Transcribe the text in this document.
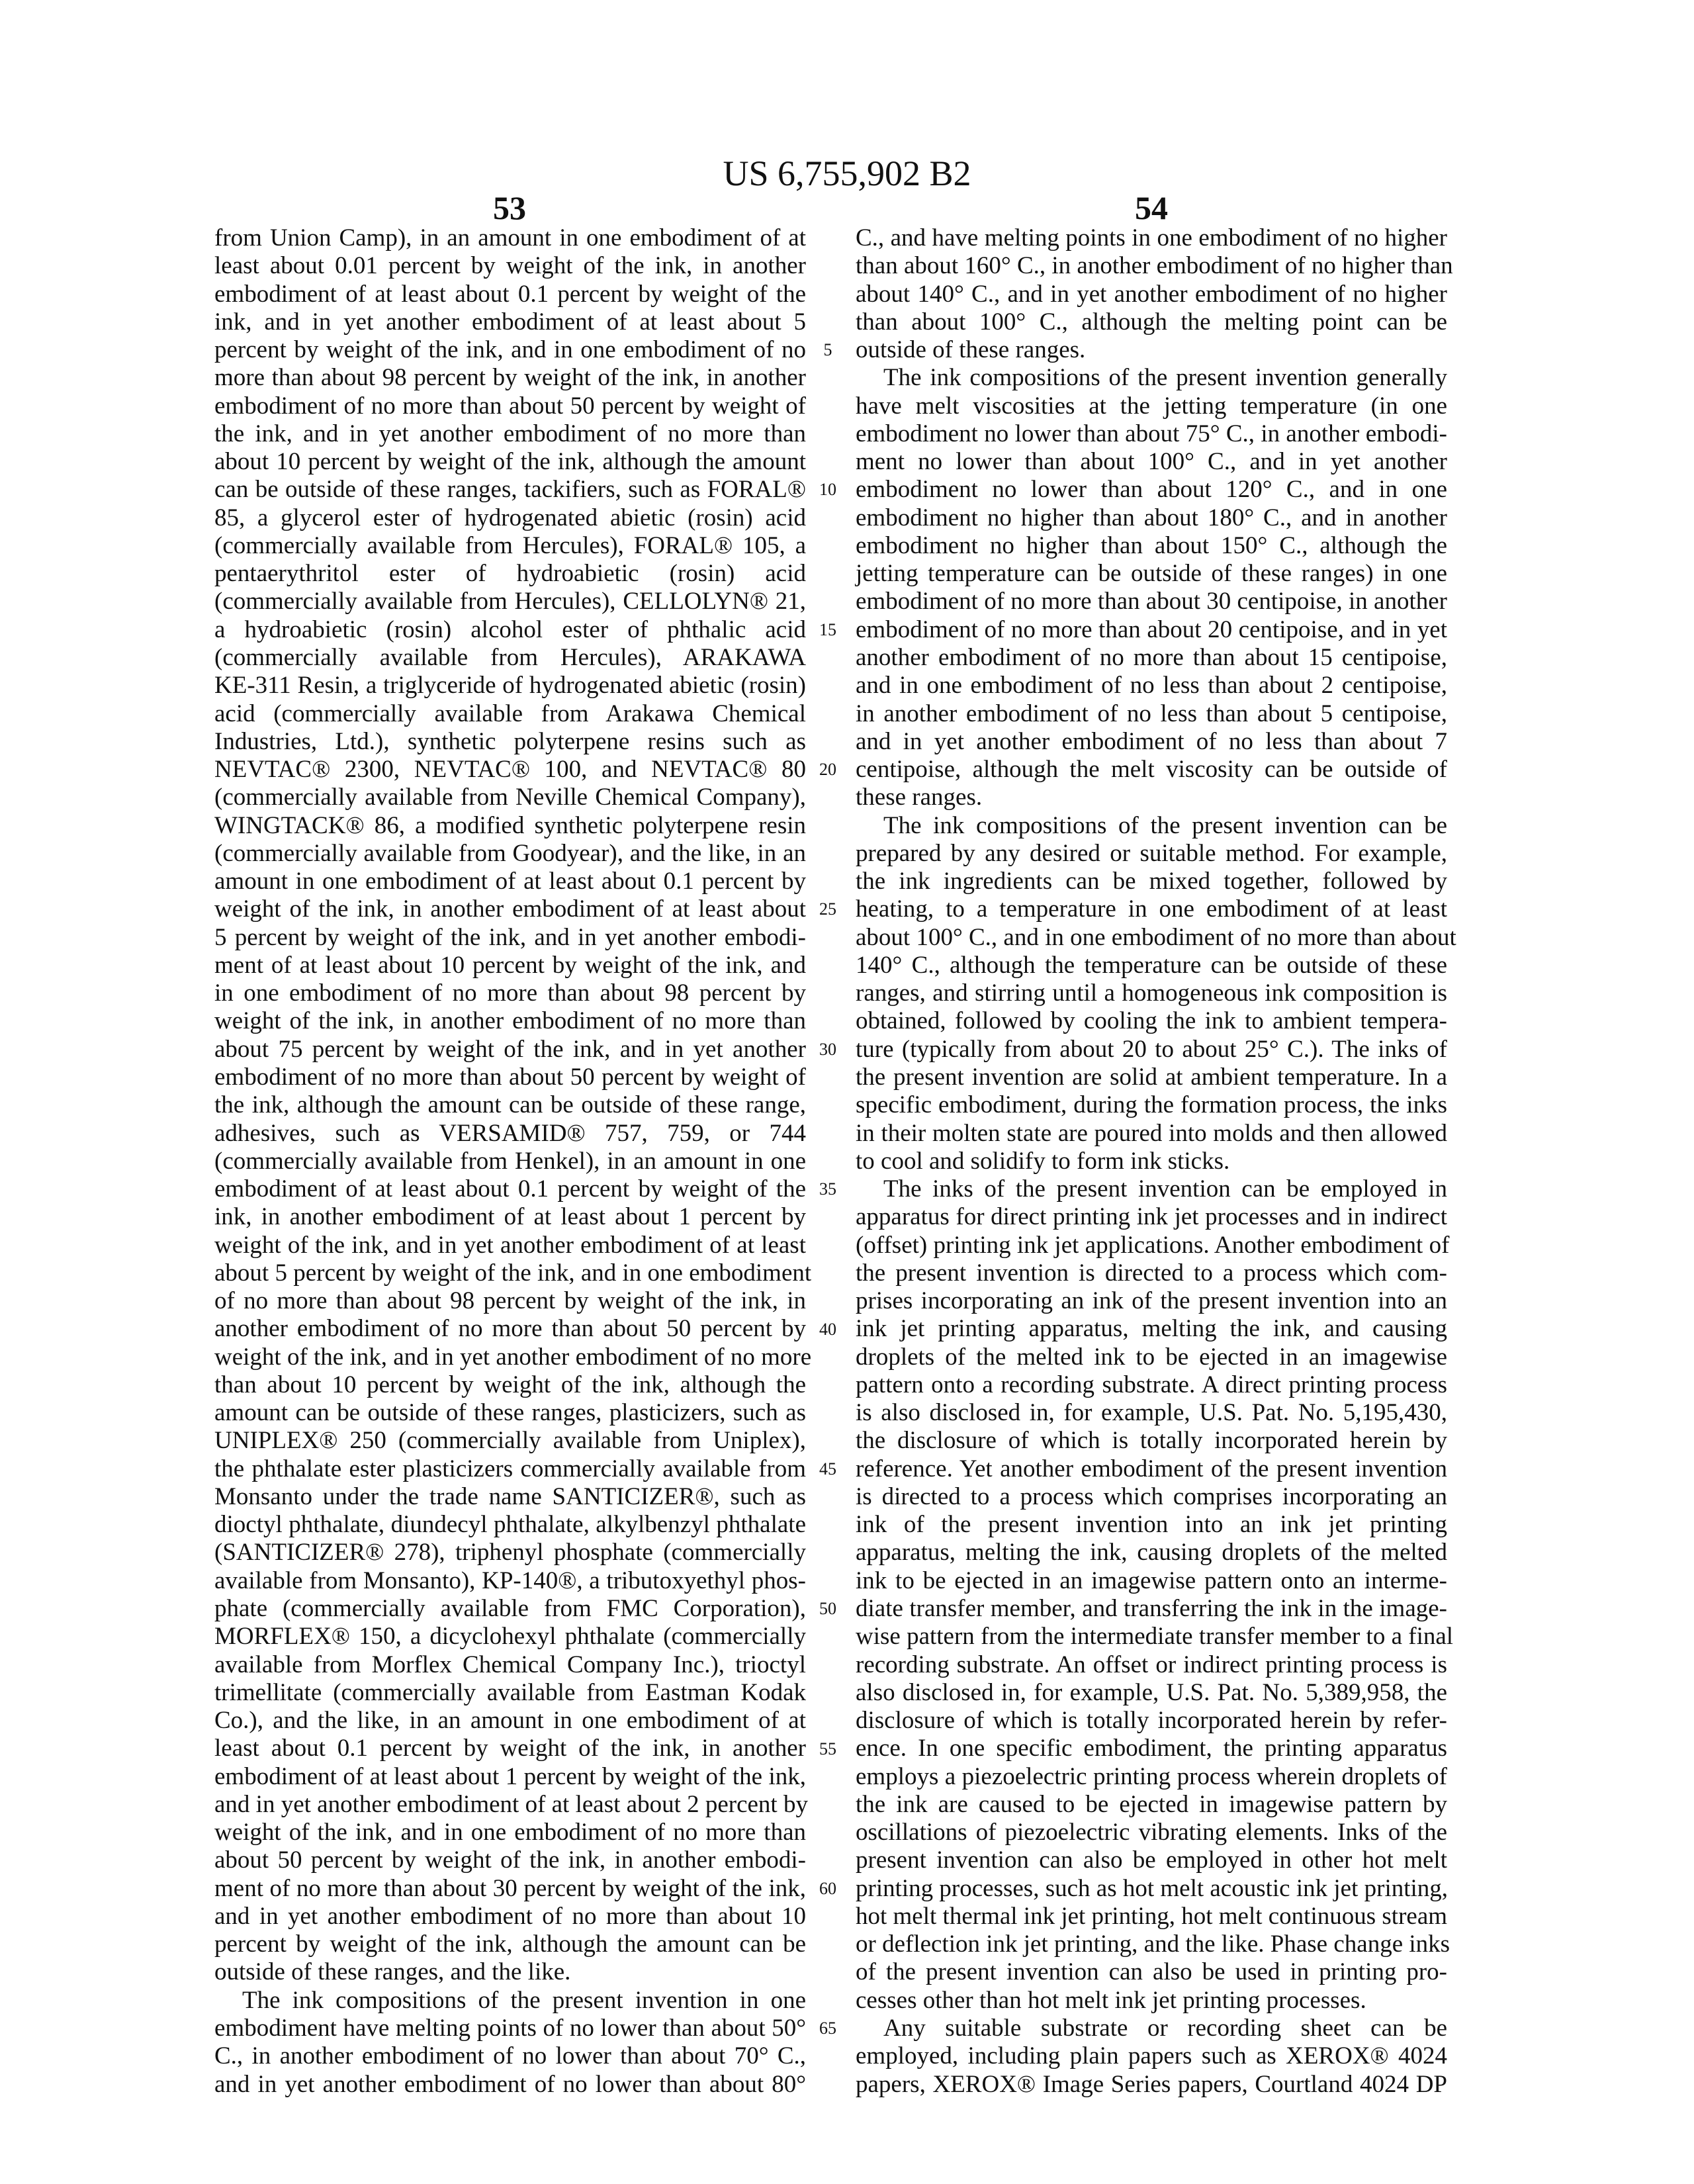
US 6,755,902 B2
53	54
from Union Camp), in an amount in one embodiment of at
least about 0.01 percent by weight of the ink, in another
embodiment of at least about 0.1 percent by weight of the
ink, and in yet another embodiment of at least about 5
percent by weight of the ink, and in one embodiment of no
more than about 98 percent by weight of the ink, in another
embodiment of no more than about 50 percent by weight of
the ink, and in yet another embodiment of no more than
about 10 percent by weight of the ink, although the amount
can be outside of these ranges, tackifiers, such as FORAL®
85, a glycerol ester of hydrogenated abietic (rosin) acid
(commercially available from Hercules), FORAL® 105, a
pentaerythritol ester of hydroabietic (rosin) acid
(commercially available from Hercules), CELLOLYN® 21,
a hydroabietic (rosin) alcohol ester of phthalic acid
(commercially available from Hercules), ARAKAWA
KE-311 Resin, a triglyceride of hydrogenated abietic (rosin)
acid (commercially available from Arakawa Chemical
Industries, Ltd.), synthetic polyterpene resins such as
NEVTAC® 2300, NEVTAC® 100, and NEVTAC® 80
(commercially available from Neville Chemical Company),
WINGTACK® 86, a modified synthetic polyterpene resin
(commercially available from Goodyear), and the like, in an
amount in one embodiment of at least about 0.1 percent by
weight of the ink, in another embodiment of at least about
5 percent by weight of the ink, and in yet another embodi-
ment of at least about 10 percent by weight of the ink, and
in one embodiment of no more than about 98 percent by
weight of the ink, in another embodiment of no more than
about 75 percent by weight of the ink, and in yet another
embodiment of no more than about 50 percent by weight of
the ink, although the amount can be outside of these range,
adhesives, such as VERSAMID® 757, 759, or 744
(commercially available from Henkel), in an amount in one
embodiment of at least about 0.1 percent by weight of the
ink, in another embodiment of at least about 1 percent by
weight of the ink, and in yet another embodiment of at least
about 5 percent by weight of the ink, and in one embodiment
of no more than about 98 percent by weight of the ink, in
another embodiment of no more than about 50 percent by
weight of the ink, and in yet another embodiment of no more
than about 10 percent by weight of the ink, although the
amount can be outside of these ranges, plasticizers, such as
UNIPLEX® 250 (commercially available from Uniplex),
the phthalate ester plasticizers commercially available from
Monsanto under the trade name SANTICIZER®, such as
dioctyl phthalate, diundecyl phthalate, alkylbenzyl phthalate
(SANTICIZER® 278), triphenyl phosphate (commercially
available from Monsanto), KP-140®, a tributoxyethyl phos-
phate (commercially available from FMC Corporation),
MORFLEX® 150, a dicyclohexyl phthalate (commercially
available from Morflex Chemical Company Inc.), trioctyl
trimellitate (commercially available from Eastman Kodak
Co.), and the like, in an amount in one embodiment of at
least about 0.1 percent by weight of the ink, in another
embodiment of at least about 1 percent by weight of the ink,
and in yet another embodiment of at least about 2 percent by
weight of the ink, and in one embodiment of no more than
about 50 percent by weight of the ink, in another embodi-
ment of no more than about 30 percent by weight of the ink,
and in yet another embodiment of no more than about 10
percent by weight of the ink, although the amount can be
outside of these ranges, and the like.
The ink compositions of the present invention in one
embodiment have melting points of no lower than about 50°
C., in another embodiment of no lower than about 70° C.,
and in yet another embodiment of no lower than about 80°
5
10
15
20
25
30
35
40
45
50
55
60
65
C., and have melting points in one embodiment of no higher
than about 160° C., in another embodiment of no higher than
about 140° C., and in yet another embodiment of no higher
than about 100° C., although the melting point can be
outside of these ranges.
The ink compositions of the present invention generally
have melt viscosities at the jetting temperature (in one
embodiment no lower than about 75° C., in another embodi-
ment no lower than about 100° C., and in yet another
embodiment no lower than about 120° C., and in one
embodiment no higher than about 180° C., and in another
embodiment no higher than about 150° C., although the
jetting temperature can be outside of these ranges) in one
embodiment of no more than about 30 centipoise, in another
embodiment of no more than about 20 centipoise, and in yet
another embodiment of no more than about 15 centipoise,
and in one embodiment of no less than about 2 centipoise,
in another embodiment of no less than about 5 centipoise,
and in yet another embodiment of no less than about 7
centipoise, although the melt viscosity can be outside of
these ranges.
The ink compositions of the present invention can be
prepared by any desired or suitable method. For example,
the ink ingredients can be mixed together, followed by
heating, to a temperature in one embodiment of at least
about 100° C., and in one embodiment of no more than about
140° C., although the temperature can be outside of these
ranges, and stirring until a homogeneous ink composition is
obtained, followed by cooling the ink to ambient tempera-
ture (typically from about 20 to about 25° C.). The inks of
the present invention are solid at ambient temperature. In a
specific embodiment, during the formation process, the inks
in their molten state are poured into molds and then allowed
to cool and solidify to form ink sticks.
The inks of the present invention can be employed in
apparatus for direct printing ink jet processes and in indirect
(offset) printing ink jet applications. Another embodiment of
the present invention is directed to a process which com-
prises incorporating an ink of the present invention into an
ink jet printing apparatus, melting the ink, and causing
droplets of the melted ink to be ejected in an imagewise
pattern onto a recording substrate. A direct printing process
is also disclosed in, for example, U.S. Pat. No. 5,195,430,
the disclosure of which is totally incorporated herein by
reference. Yet another embodiment of the present invention
is directed to a process which comprises incorporating an
ink of the present invention into an ink jet printing
apparatus, melting the ink, causing droplets of the melted
ink to be ejected in an imagewise pattern onto an interme-
diate transfer member, and transferring the ink in the image-
wise pattern from the intermediate transfer member to a final
recording substrate. An offset or indirect printing process is
also disclosed in, for example, U.S. Pat. No. 5,389,958, the
disclosure of which is totally incorporated herein by refer-
ence. In one specific embodiment, the printing apparatus
employs a piezoelectric printing process wherein droplets of
the ink are caused to be ejected in imagewise pattern by
oscillations of piezoelectric vibrating elements. Inks of the
present invention can also be employed in other hot melt
printing processes, such as hot melt acoustic ink jet printing,
hot melt thermal ink jet printing, hot melt continuous stream
or deflection ink jet printing, and the like. Phase change inks
of the present invention can also be used in printing pro-
cesses other than hot melt ink jet printing processes.
Any suitable substrate or recording sheet can be
employed, including plain papers such as XEROX® 4024
papers, XEROX® Image Series papers, Courtland 4024 DP
